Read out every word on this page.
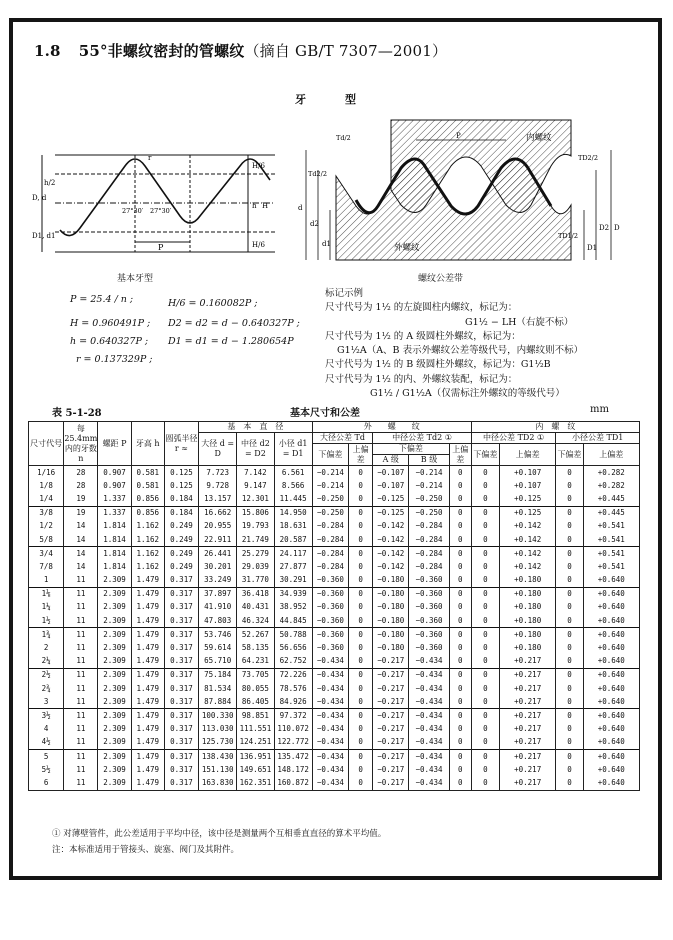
1.8 55°非螺纹密封的管螺纹（摘自 GB/T 7307—2001）
牙　型
H/6
h H
H/6
h/2
D, d
D1, d1
P
27°30′ 27°30′
r
基本牙型
内螺纹
外螺纹
P
Td/2
Td2/2
TD2/2
TD1/2
d
d2
d1
D
D2
D1
螺纹公差带
P = 25.4 / n ;	H/6 = 0.160082P ;
H = 0.960491P ; D2 = d2 = d − 0.640327P ;
h = 0.640327P ; D1 = d1 = d − 1.280654P
r = 0.137329P ;
标记示例
尺寸代号为 1½ 的左旋圆柱内螺纹，标记为：
G1½ − LH（右旋不标）
尺寸代号为 1½ 的 A 级圆柱外螺纹，标记为：
G1½A（A、B 表示外螺纹公差等级代号，内螺纹则不标）
尺寸代号为 1½ 的 B 级圆柱外螺纹，标记为：G1½B
尺寸代号为 1½ 的内、外螺纹装配，标记为：
G1½ ∕ G1½A（仅需标注外螺纹的等级代号）
表 5-1-28	基本尺寸和公差	mm
尺寸代号	每 25.4mm 内的牙数 n	螺距 P	牙高 h	圆弧半径 r ≈	基　本　直　径			外　　螺　　纹					内　螺　纹			
					大径 d = D	中径 d2 = D2	小径 d1 = D1	大径公差 Td		中径公差 Td2 ①			中径公差 TD2 ①		小径公差 TD1	
								下偏差	上偏差	下偏差		上偏差	下偏差	上偏差	下偏差	上偏差
										A 级	B 级					
1/16	28	0.907	0.581	0.125	7.723	7.142	6.561	−0.214	0	−0.107	−0.214	0	0	+0.107	0	+0.282
1/8	28	0.907	0.581	0.125	9.728	9.147	8.566	−0.214	0	−0.107	−0.214	0	0	+0.107	0	+0.282
1/4	19	1.337	0.856	0.184	13.157	12.301	11.445	−0.250	0	−0.125	−0.250	0	0	+0.125	0	+0.445
3/8	19	1.337	0.856	0.184	16.662	15.806	14.950	−0.250	0	−0.125	−0.250	0	0	+0.125	0	+0.445
1/2	14	1.814	1.162	0.249	20.955	19.793	18.631	−0.284	0	−0.142	−0.284	0	0	+0.142	0	+0.541
5/8	14	1.814	1.162	0.249	22.911	21.749	20.587	−0.284	0	−0.142	−0.284	0	0	+0.142	0	+0.541
3/4	14	1.814	1.162	0.249	26.441	25.279	24.117	−0.284	0	−0.142	−0.284	0	0	+0.142	0	+0.541
7/8	14	1.814	1.162	0.249	30.201	29.039	27.877	−0.284	0	−0.142	−0.284	0	0	+0.142	0	+0.541
1	11	2.309	1.479	0.317	33.249	31.770	30.291	−0.360	0	−0.180	−0.360	0	0	+0.180	0	+0.640
1⅛	11	2.309	1.479	0.317	37.897	36.418	34.939	−0.360	0	−0.180	−0.360	0	0	+0.180	0	+0.640
1¼	11	2.309	1.479	0.317	41.910	40.431	38.952	−0.360	0	−0.180	−0.360	0	0	+0.180	0	+0.640
1½	11	2.309	1.479	0.317	47.803	46.324	44.845	−0.360	0	−0.180	−0.360	0	0	+0.180	0	+0.640
1¾	11	2.309	1.479	0.317	53.746	52.267	50.788	−0.360	0	−0.180	−0.360	0	0	+0.180	0	+0.640
2	11	2.309	1.479	0.317	59.614	58.135	56.656	−0.360	0	−0.180	−0.360	0	0	+0.180	0	+0.640
2¼	11	2.309	1.479	0.317	65.710	64.231	62.752	−0.434	0	−0.217	−0.434	0	0	+0.217	0	+0.640
2½	11	2.309	1.479	0.317	75.184	73.705	72.226	−0.434	0	−0.217	−0.434	0	0	+0.217	0	+0.640
2¾	11	2.309	1.479	0.317	81.534	80.055	78.576	−0.434	0	−0.217	−0.434	0	0	+0.217	0	+0.640
3	11	2.309	1.479	0.317	87.884	86.405	84.926	−0.434	0	−0.217	−0.434	0	0	+0.217	0	+0.640
3½	11	2.309	1.479	0.317	100.330	98.851	97.372	−0.434	0	−0.217	−0.434	0	0	+0.217	0	+0.640
4	11	2.309	1.479	0.317	113.030	111.551	110.072	−0.434	0	−0.217	−0.434	0	0	+0.217	0	+0.640
4½	11	2.309	1.479	0.317	125.730	124.251	122.772	−0.434	0	−0.217	−0.434	0	0	+0.217	0	+0.640
5	11	2.309	1.479	0.317	138.430	136.951	135.472	−0.434	0	−0.217	−0.434	0	0	+0.217	0	+0.640
5½	11	2.309	1.479	0.317	151.130	149.651	148.172	−0.434	0	−0.217	−0.434	0	0	+0.217	0	+0.640
6	11	2.309	1.479	0.317	163.830	162.351	160.872	−0.434	0	−0.217	−0.434	0	0	+0.217	0	+0.640
① 对薄壁管件，此公差适用于平均中径，该中径是测量两个互相垂直直径的算术平均值。
注：本标准适用于管接头、旋塞、阀门及其附件。
